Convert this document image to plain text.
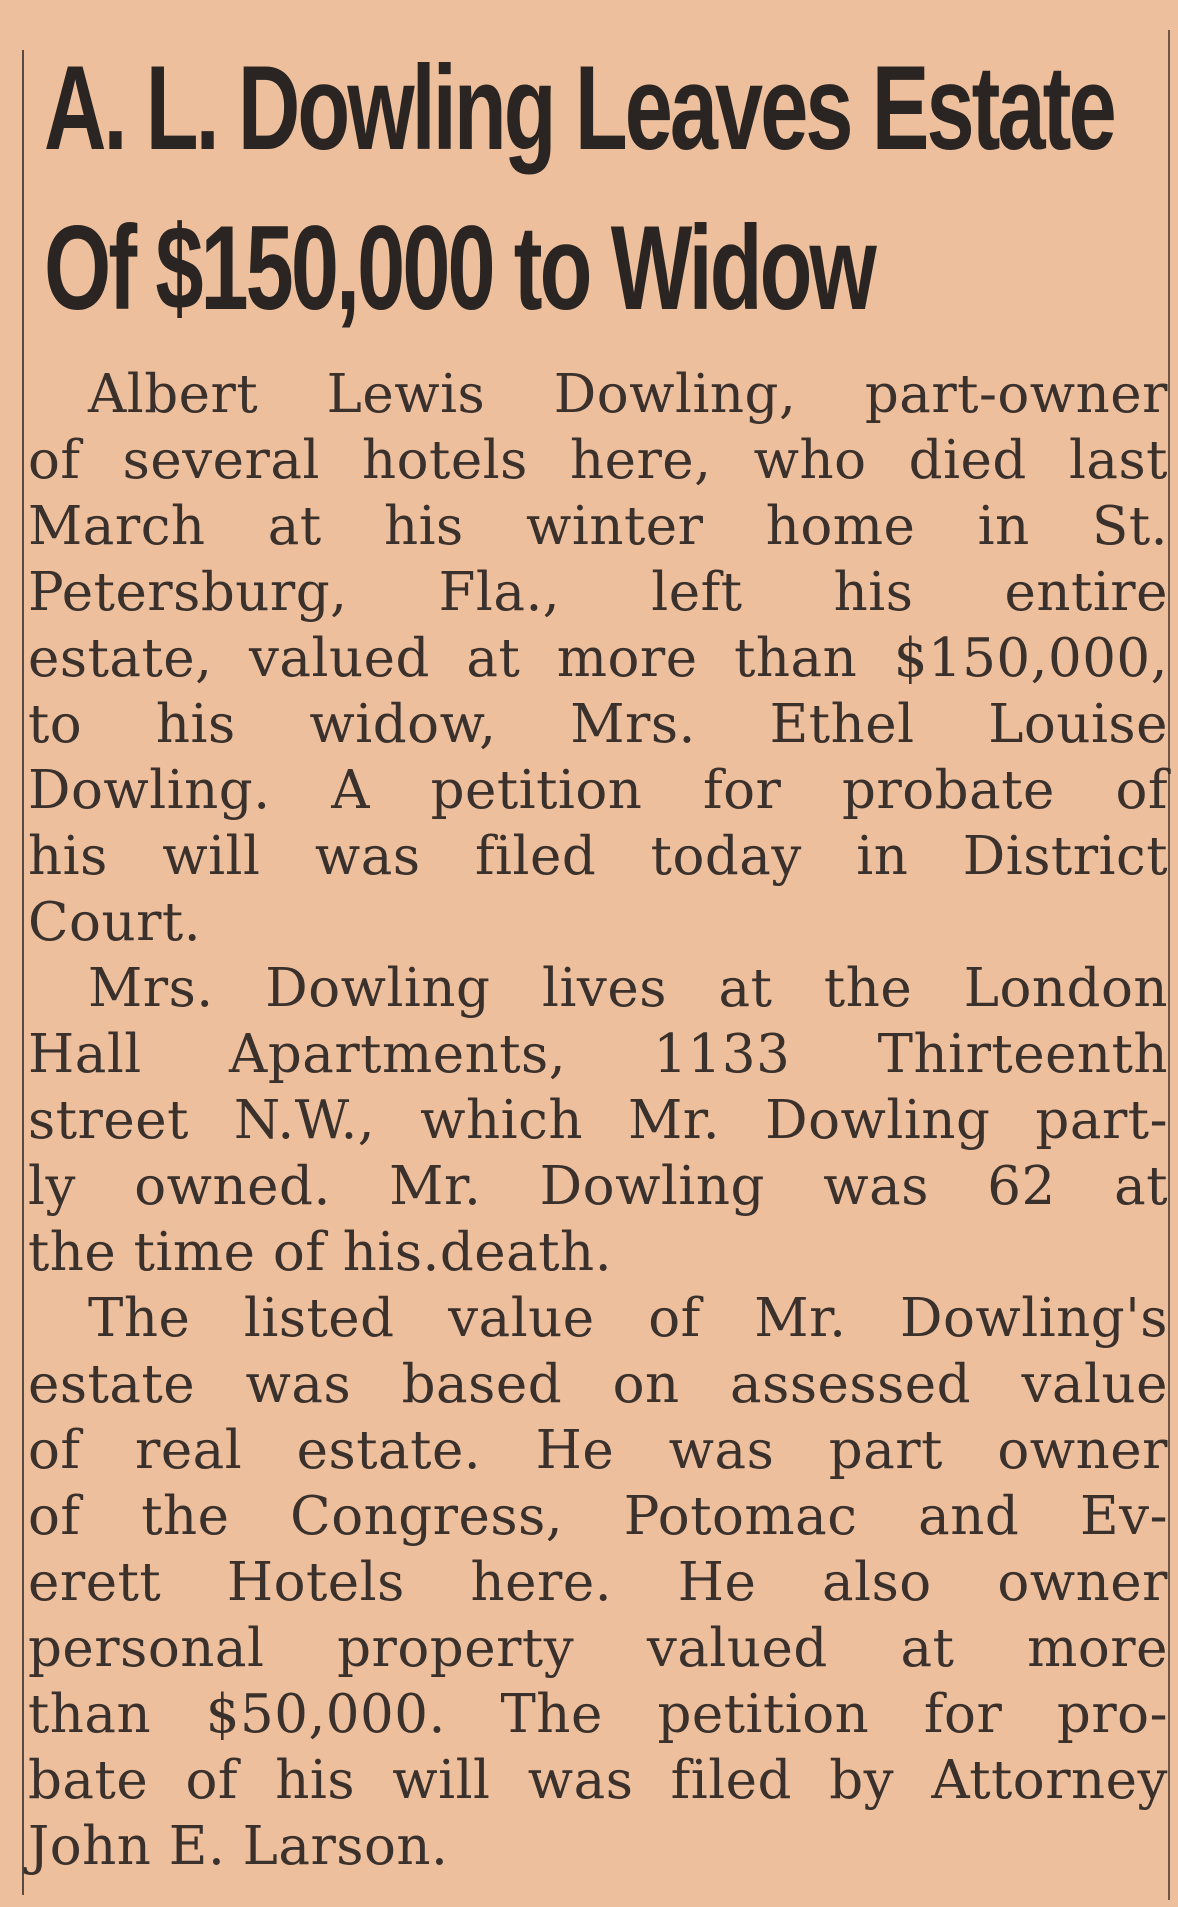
A. L. Dowling Leaves Estate
Of $150,000 to Widow
Albert Lewis Dowling, part-owner
of several hotels here, who died last
March at his winter home in St.
Petersburg, Fla., left his entire
estate, valued at more than $150,000,
to his widow, Mrs. Ethel Louise
Dowling. A petition for probate of
his will was filed today in District
Court.
Mrs. Dowling lives at the London
Hall Apartments, 1133 Thirteenth
street N.W., which Mr. Dowling part-
ly owned. Mr. Dowling was 62 at
the time of his.death.
The listed value of Mr. Dowling's
estate was based on assessed value
of real estate. He was part owner
of the Congress, Potomac and Ev-
erett Hotels here. He also owner
personal property valued at more
than $50,000. The petition for pro-
bate of his will was filed by Attorney
John E. Larson.
